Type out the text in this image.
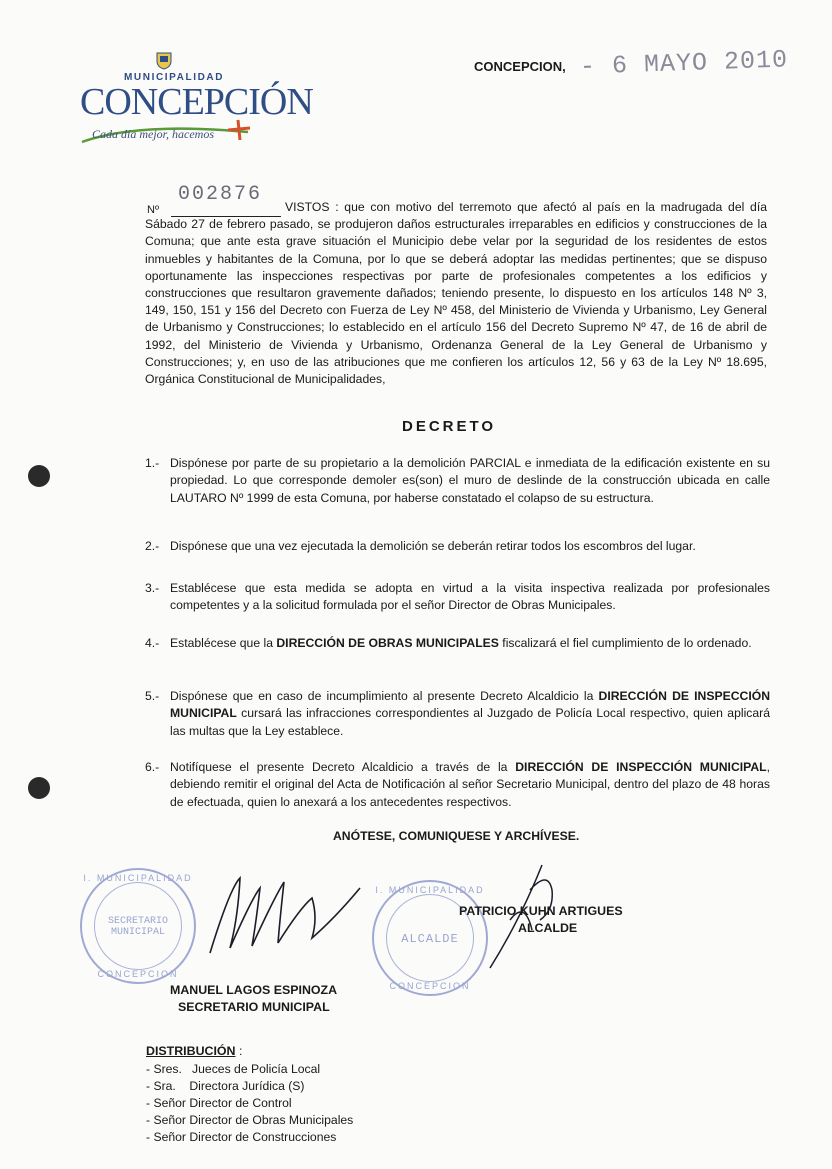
MUNICIPALIDAD
CONCEPCIÓN
Cada día mejor, hacemos
CONCEPCION, - 6 MAYO 2010
Nº
002876
VISTOS : que con motivo del terremoto que afectó al país en la madrugada del día Sábado 27 de febrero pasado, se produjeron daños estructurales irreparables en edificios y construcciones de la Comuna; que ante esta grave situación el Municipio debe velar por la seguridad de los residentes de estos inmuebles y habitantes de la Comuna, por lo que se deberá adoptar las medidas pertinentes; que se dispuso oportunamente las inspecciones respectivas por parte de profesionales competentes a los edificios y construcciones que resultaron gravemente dañados; teniendo presente, lo dispuesto en los artículos 148 Nº 3, 149, 150, 151 y 156 del Decreto con Fuerza de Ley Nº 458, del Ministerio de Vivienda y Urbanismo, Ley General de Urbanismo y Construcciones; lo establecido en el artículo 156 del Decreto Supremo Nº 47, de 16 de abril de 1992, del Ministerio de Vivienda y Urbanismo, Ordenanza General de la Ley General de Urbanismo y Construcciones; y, en uso de las atribuciones que me confieren los artículos 12, 56 y 63 de la Ley Nº 18.695, Orgánica Constitucional de Municipalidades,
DECRETO
1.- Dispónese por parte de su propietario a la demolición PARCIAL e inmediata de la edificación existente en su propiedad. Lo que corresponde demoler es(son) el muro de deslinde de la construcción ubicada en calle LAUTARO Nº 1999 de esta Comuna, por haberse constatado el colapso de su estructura.
2.- Dispónese que una vez ejecutada la demolición se deberán retirar todos los escombros del lugar.
3.- Establécese que esta medida se adopta en virtud a la visita inspectiva realizada por profesionales competentes y a la solicitud formulada por el señor Director de Obras Municipales.
4.- Establécese que la DIRECCIÓN DE OBRAS MUNICIPALES fiscalizará el fiel cumplimiento de lo ordenado.
5.- Dispónese que en caso de incumplimiento al presente Decreto Alcaldicio la DIRECCIÓN DE INSPECCIÓN MUNICIPAL cursará las infracciones correspondientes al Juzgado de Policía Local respectivo, quien aplicará las multas que la Ley establece.
6.- Notifíquese el presente Decreto Alcaldicio a través de la DIRECCIÓN DE INSPECCIÓN MUNICIPAL, debiendo remitir el original del Acta de Notificación al señor Secretario Municipal, dentro del plazo de 48 horas de efectuada, quien lo anexará a los antecedentes respectivos.
ANÓTESE, COMUNIQUESE Y ARCHÍVESE.
I. MUNICIPALIDAD
SECRETARIO MUNICIPAL
CONCEPCION
I. MUNICIPALIDAD
ALCALDE
CONCEPCION
MANUEL LAGOS ESPINOZA
SECRETARIO MUNICIPAL
PATRICIO KUHN ARTIGUES
ALCALDE
DISTRIBUCIÓN :
- Sres.   Jueces de Policía Local
- Sra.    Directora Jurídica (S)
- Señor Director de Control
- Señor Director de Obras Municipales
- Señor Director de Construcciones
